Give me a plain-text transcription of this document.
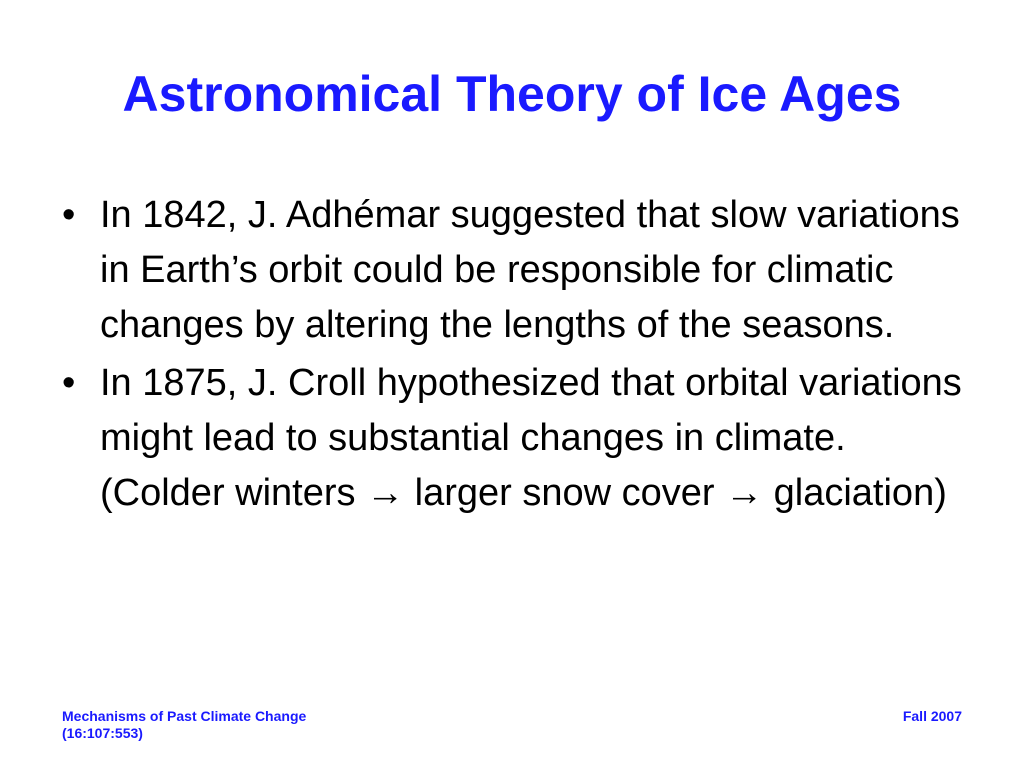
Astronomical Theory of Ice Ages
• In 1842, J. Adhémar suggested that slow variations in Earth’s orbit could be responsible for climatic changes by altering the lengths of the seasons.
• In 1875, J. Croll hypothesized that orbital variations might lead to substantial changes in climate. (Colder winters → larger snow cover → glaciation)
Mechanisms of Past Climate Change
(16:107:553)
Fall 2007
